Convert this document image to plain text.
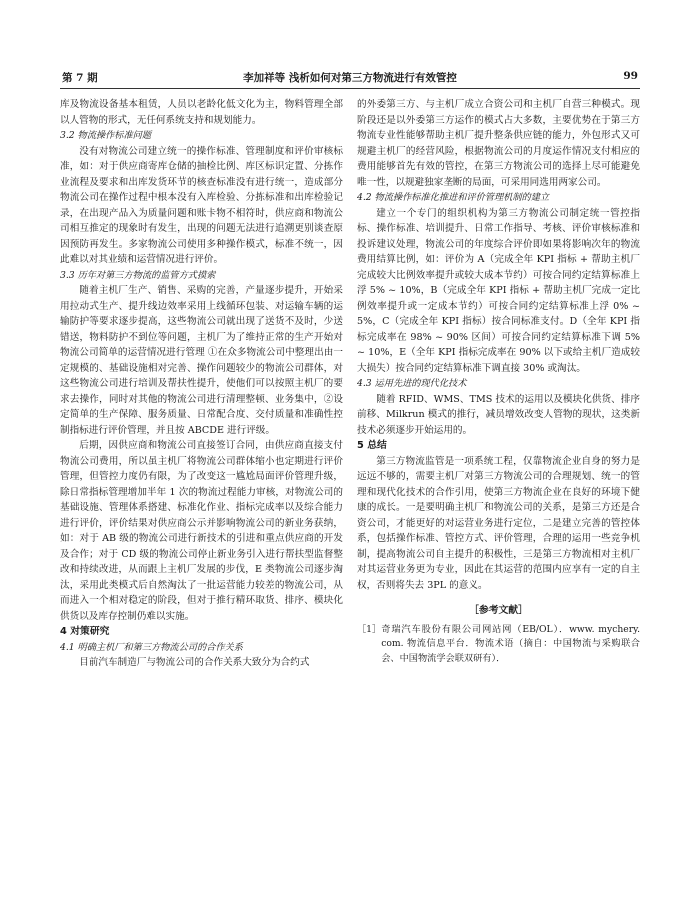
第 7 期	李加祥等 浅析如何对第三方物流进行有效管控	99

库及物流设备基本租赁，人员以老龄化低文化为主，物料管理全部以人管物的形式，无任何系统支持和规划能力。

3.2 物流操作标准问题

没有对物流公司建立统一的操作标准、管理制度和评价审核标准，如：对于供应商寄库仓储的抽检比例、库区标识定置、分拣作业流程及要求和出库发货环节的核查标准没有进行统一，造成部分物流公司在操作过程中根本没有入库检验、分拣标准和出库检验记录，在出现产品入为质量问题和账卡物不相符时，供应商和物流公司相互推定的现象时有发生，出现的问题无法进行追溯更别谈查原因预防再发生。多家物流公司使用多种操作模式，标准不统一，因此难以对其业绩和运营情况进行评价。

3.3 历年对第三方物流的监管方式摸索

随着主机厂生产、销售、采购的完善，产量逐步提升，开始采用拉动式生产、提升线边效率采用上线循环包装、对运输车辆的运输防护等要求逐步提高，这些物流公司就出现了送货不及时，少送错送，物料防护不到位等问题，主机厂为了维持正常的生产开始对物流公司简单的运营情况进行管理 ①在众多物流公司中整理出由一定规模的、基础设施相对完善、操作问题较少的物流公司群体，对这些物流公司进行培训及帮扶性提升，使他们可以按照主机厂的要求去操作，同时对其他的物流公司进行清理整顿、业务集中，②设定简单的生产保障、服务质量、日常配合度、交付质量和准确性控制指标进行评价管理，并且按 ABCDE 进行评级。

后期，因供应商和物流公司直接签订合同，由供应商直接支付物流公司费用，所以虽主机厂将物流公司群体缩小也定期进行评价管理，但管控力度仍有限，为了改变这一尴尬局面评价管理升级，除日常指标管理增加半年 1 次的物流过程能力审核，对物流公司的基础设施、管理体系搭建、标准化作业、指标完成率以及综合能力进行评价，评价结果对供应商公示并影响物流公司的新业务获纳，如：对于 AB 级的物流公司进行新技术的引进和重点供应商的开发及合作；对于 CD 级的物流公司停止新业务引入进行帮扶型监督整改和持续改进，从而跟上主机厂发展的步伐，E 类物流公司逐步淘汰，采用此类模式后自然淘汰了一批运营能力较差的物流公司，从而进入一个相对稳定的阶段，但对于推行精环取货、排序、模块化供货以及库存控制仍难以实施。

4 对策研究
4.1 明确主机厂和第三方物流公司的合作关系

目前汽车制造厂与物流公司的合作关系大致分为合约式

的外委第三方、与主机厂成立合资公司和主机厂自营三种模式。现阶段还是以外委第三方运作的模式占大多数，主要优势在于第三方物流专业性能够帮助主机厂提升整条供应链的能力，外包形式又可规避主机厂的经营风险，根据物流公司的月度运作情况支付相应的费用能够首先有效的管控，在第三方物流公司的选择上尽可能避免唯一性，以规避独家垄断的局面，可采用同选用两家公司。

4.2 物流操作标准化推进和评价管理机制的建立

建立一个专门的组织机构为第三方物流公司制定统一管控指标、操作标准、培训提升、日常工作指导、考核、评价审核标准和投诉建议处理，物流公司的年度综合评价即如果将影响次年的物流费用结算比例，如：评价为 A（完成全年 KPI 指标 + 帮助主机厂完成较大比例效率提升或较大成本节约）可按合同约定结算标准上浮 5% ~ 10%，B（完成全年 KPI 指标 + 帮助主机厂完成一定比例效率提升或一定成本节约）可按合同约定结算标准上浮 0% ~ 5%，C（完成全年 KPI 指标）按合同标准支付。D（全年 KPI 指标完成率在 98% ~ 90% 区间）可按合同约定结算标准下调 5% ~ 10%，E（全年 KPI 指标完成率在 90% 以下或给主机厂造成较大损失）按合同约定结算标准下调直接 30% 或淘汰。

4.3 运用先进的现代化技术

随着 RFID、WMS、TMS 技术的运用以及模块化供货、排序前移、Milkrun 模式的推行，减员增效改变人管物的现状，这类新技术必须逐步开始运用的。

5 总结

第三方物流监管是一项系统工程，仅靠物流企业自身的努力是远远不够的，需要主机厂对第三方物流公司的合理规划、统一的管理和现代化技术的合作引用，使第三方物流企业在良好的环境下健康的成长。一是要明确主机厂和物流公司的关系，是第三方还是合资公司，才能更好的对运营业务进行定位，二是建立完善的管控体系，包括操作标准、管控方式、评价管理，合理的运用一些竞争机制，提高物流公司自主提升的积极性，三是第三方物流相对主机厂对其运营业务更为专业，因此在其运营的范围内应享有一定的自主权，否则将失去 3PL 的意义。

［参考文献］
［1］ 奇瑞汽车股份有限公司网站网（EB/OL）．www. mychery. com. 物流信息平台．物流术语（摘自：中国物流与采购联合会、中国物流学会联双研有）．
